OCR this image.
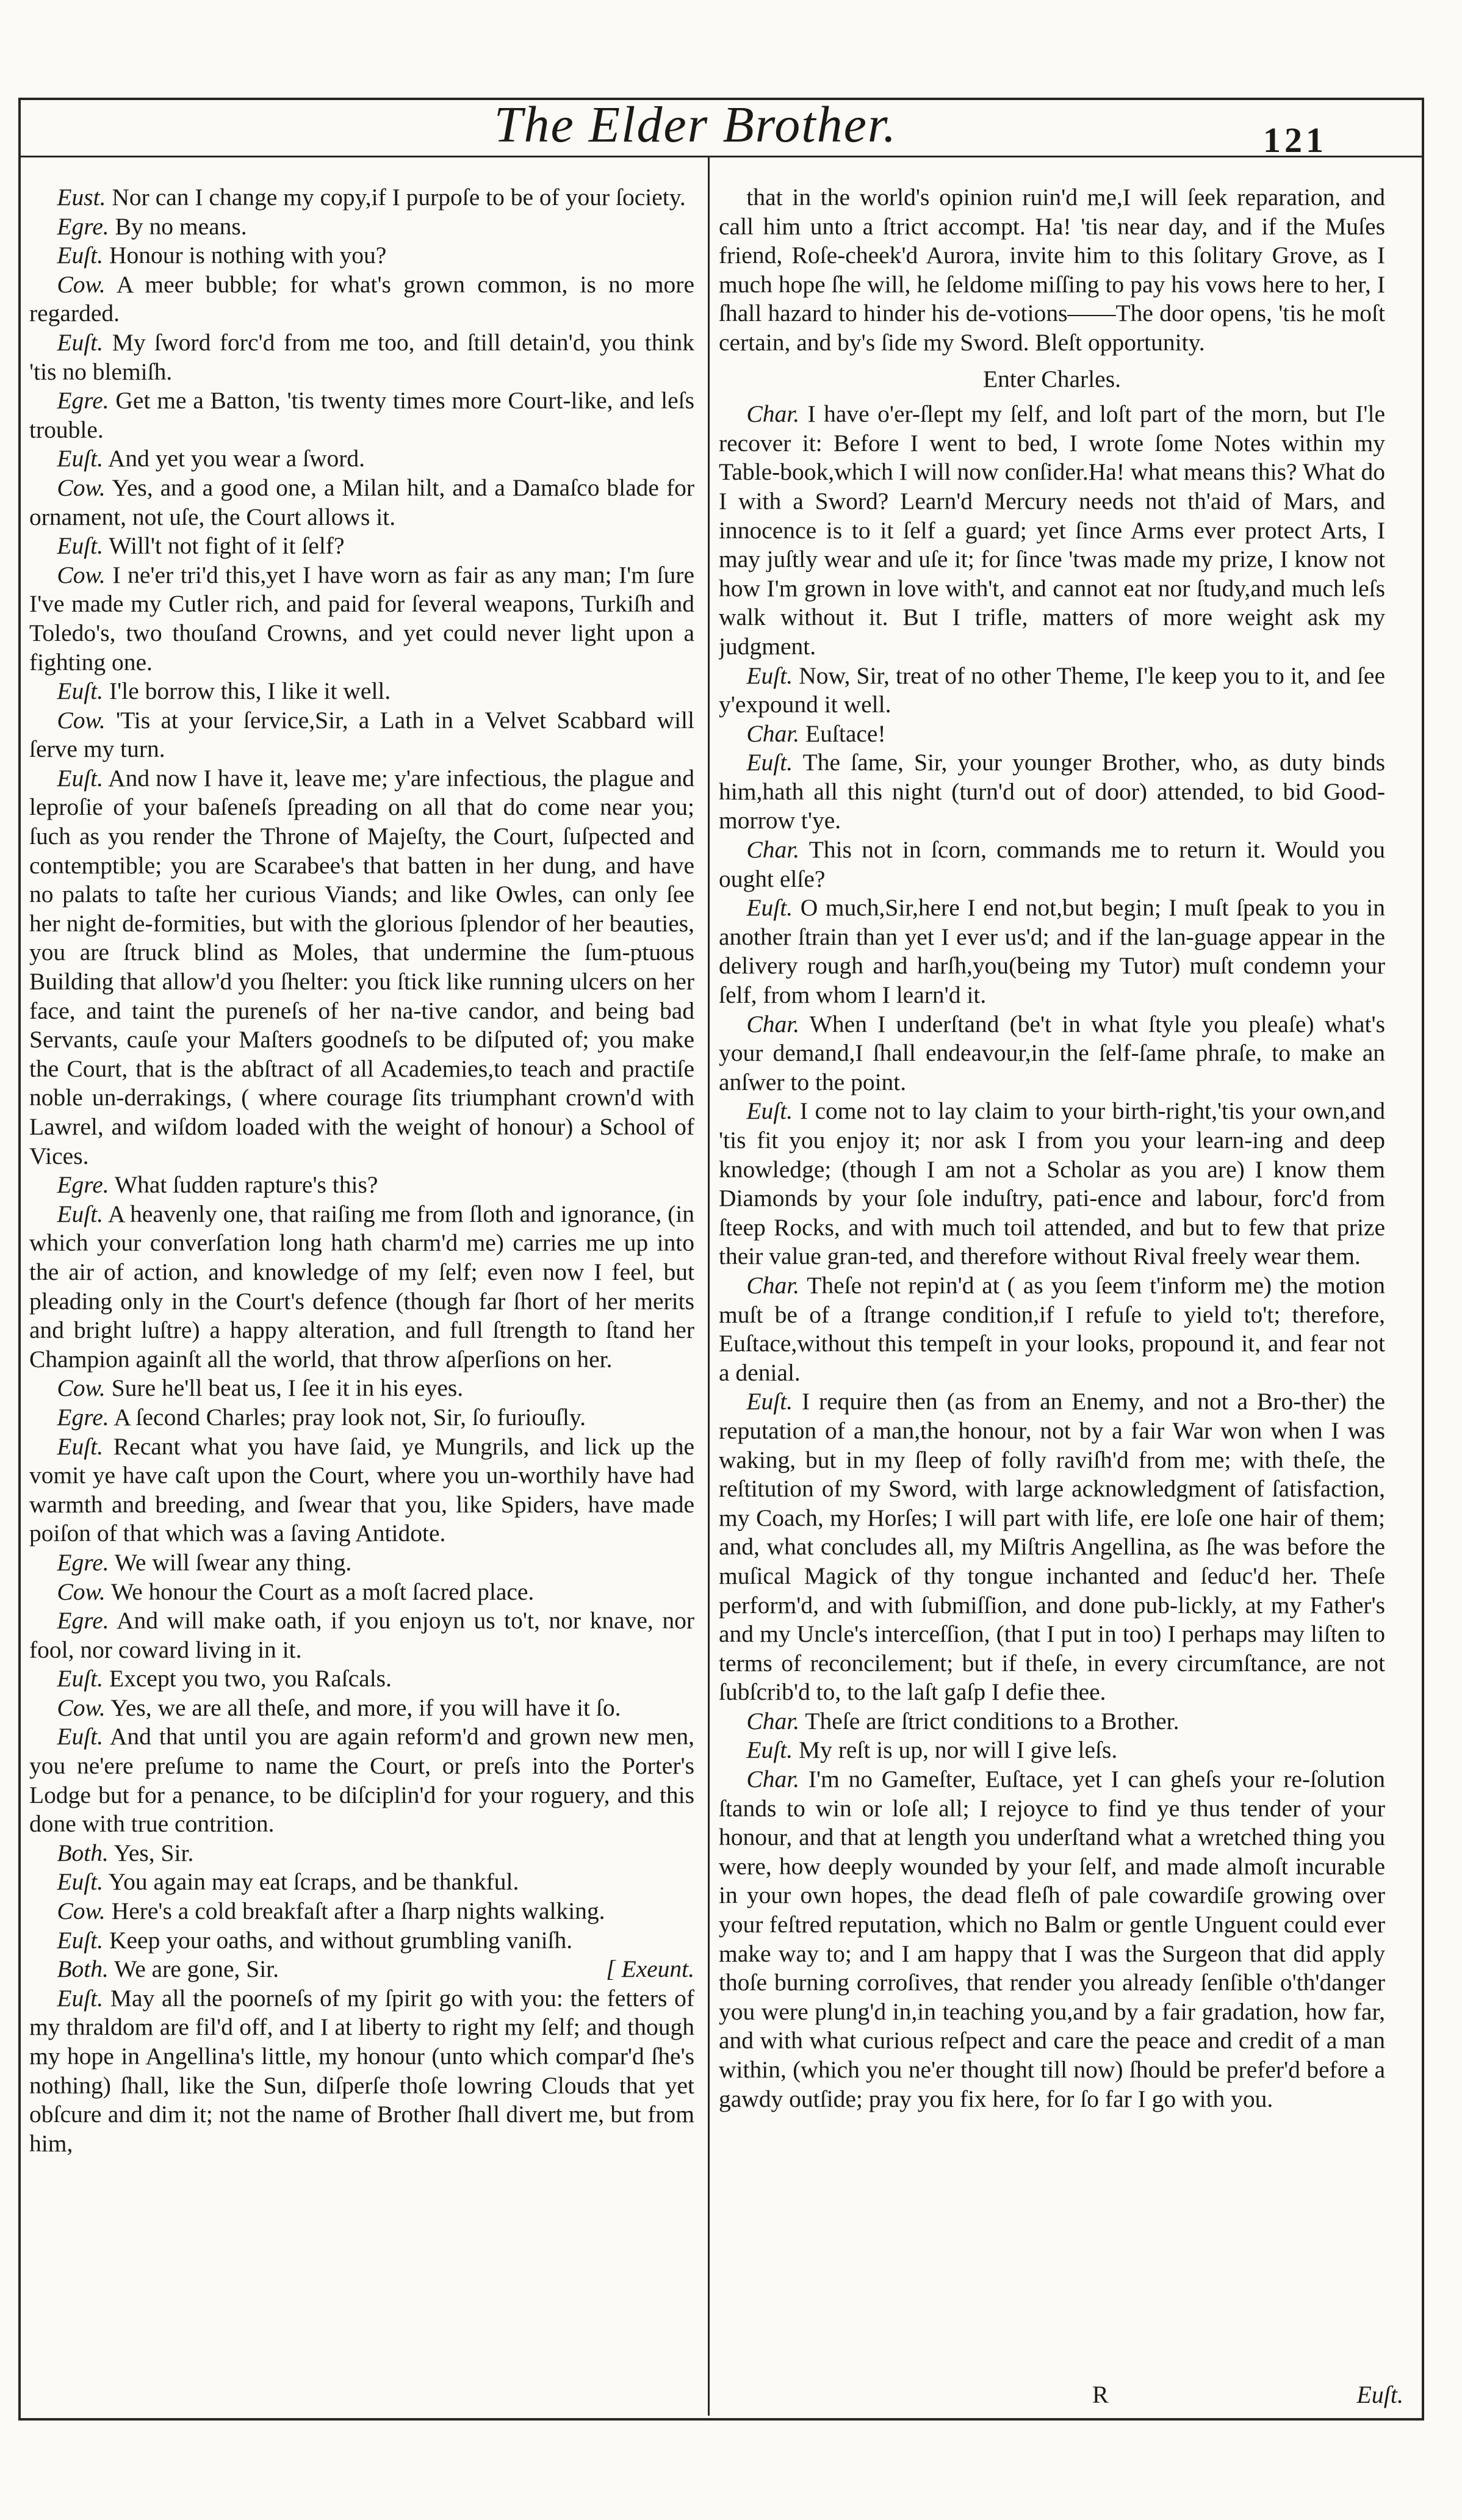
The Elder Brother.	121

Eust. Nor can I change my copy,if I purpoſe to be of your ſociety.

Egre. By no means.

Euſt. Honour is nothing with you?

Cow. A meer bubble; for what's grown common, is no more regarded.

Euſt. My ſword forc'd from me too, and ſtill detain'd, you think 'tis no blemiſh.

Egre. Get me a Batton, 'tis twenty times more Court-like, and leſs trouble.

Euſt. And yet you wear a ſword.

Cow. Yes, and a good one, a Milan hilt, and a Damaſco blade for ornament, not uſe, the Court allows it.

Euſt. Will't not fight of it ſelf?

Cow. I ne'er tri'd this,yet I have worn as fair as any man; I'm ſure I've made my Cutler rich, and paid for ſeveral weapons, Turkiſh and Toledo's, two thouſand Crowns, and yet could never light upon a fighting one.

Euſt. I'le borrow this, I like it well.

Cow. 'Tis at your ſervice,Sir, a Lath in a Velvet Scabbard will ſerve my turn.

Euſt. And now I have it, leave me; y'are infectious, the plague and leproſie of your baſeneſs ſpreading on all that do come near you; ſuch as you render the Throne of Majeſty, the Court, ſuſpected and contemptible; you are Scarabee's that batten in her dung, and have no palats to taſte her curious Viands; and like Owles, can only ſee her night de-formities, but with the glorious ſplendor of her beauties, you are ſtruck blind as Moles, that undermine the ſum-ptuous Building that allow'd you ſhelter: you ſtick like running ulcers on her face, and taint the pureneſs of her na-tive candor, and being bad Servants, cauſe your Maſters goodneſs to be diſputed of; you make the Court, that is the abſtract of all Academies,to teach and practiſe noble un-derrakings, ( where courage ſits triumphant crown'd with Lawrel, and wiſdom loaded with the weight of honour) a School of Vices.

Egre. What ſudden rapture's this?

Euſt. A heavenly one, that raiſing me from ſloth and ignorance, (in which your converſation long hath charm'd me) carries me up into the air of action, and knowledge of my ſelf; even now I feel, but pleading only in the Court's defence (though far ſhort of her merits and bright luſtre) a happy alteration, and full ſtrength to ſtand her Champion againſt all the world, that throw aſperſions on her.

Cow. Sure he'll beat us, I ſee it in his eyes.

Egre. A ſecond Charles; pray look not, Sir, ſo furiouſly.

Euſt. Recant what you have ſaid, ye Mungrils, and lick up the vomit ye have caſt upon the Court, where you un-worthily have had warmth and breeding, and ſwear that you, like Spiders, have made poiſon of that which was a ſaving Antidote.

Egre. We will ſwear any thing.

Cow. We honour the Court as a moſt ſacred place.

Egre. And will make oath, if you enjoyn us to't, nor knave, nor fool, nor coward living in it.

Euſt. Except you two, you Raſcals.

Cow. Yes, we are all theſe, and more, if you will have it ſo.

Euſt. And that until you are again reform'd and grown new men, you ne'ere preſume to name the Court, or preſs into the Porter's Lodge but for a penance, to be diſciplin'd for your roguery, and this done with true contrition.

Both. Yes, Sir.

Euſt. You again may eat ſcraps, and be thankful.

Cow. Here's a cold breakfaſt after a ſharp nights walking.

Euſt. Keep your oaths, and without grumbling vaniſh.

Both. We are gone, Sir.	[ Exeunt.

Euſt. May all the poorneſs of my ſpirit go with you: the fetters of my thraldom are fil'd off, and I at liberty to right my ſelf; and though my hope in Angellina's little, my honour (unto which compar'd ſhe's nothing) ſhall, like the Sun, diſperſe thoſe lowring Clouds that yet obſcure and dim it; not the name of Brother ſhall divert me, but from him,

that in the world's opinion ruin'd me,I will ſeek reparation, and call him unto a ſtrict accompt. Ha! 'tis near day, and if the Muſes friend, Roſe-cheek'd Aurora, invite him to this ſolitary Grove, as I much hope ſhe will, he ſeldome miſſing to pay his vows here to her, I ſhall hazard to hinder his de-votions——The door opens, 'tis he moſt certain, and by's ſide my Sword. Bleſt opportunity.

Enter Charles.

Char. I have o'er-ſlept my ſelf, and loſt part of the morn, but I'le recover it: Before I went to bed, I wrote ſome Notes within my Table-book,which I will now conſider.Ha! what means this? What do I with a Sword? Learn'd Mercury needs not th'aid of Mars, and innocence is to it ſelf a guard; yet ſince Arms ever protect Arts, I may juſtly wear and uſe it; for ſince 'twas made my prize, I know not how I'm grown in love with't, and cannot eat nor ſtudy,and much leſs walk without it. But I trifle, matters of more weight ask my judgment.

Euſt. Now, Sir, treat of no other Theme, I'le keep you to it, and ſee y'expound it well.

Char. Euſtace!

Euſt. The ſame, Sir, your younger Brother, who, as duty binds him,hath all this night (turn'd out of door) attended, to bid Good-morrow t'ye.

Char. This not in ſcorn, commands me to return it. Would you ought elſe?

Euſt. O much,Sir,here I end not,but begin; I muſt ſpeak to you in another ſtrain than yet I ever us'd; and if the lan-guage appear in the delivery rough and harſh,you(being my Tutor) muſt condemn your ſelf, from whom I learn'd it.

Char. When I underſtand (be't in what ſtyle you pleaſe) what's your demand,I ſhall endeavour,in the ſelf-ſame phraſe, to make an anſwer to the point.

Euſt. I come not to lay claim to your birth-right,'tis your own,and 'tis fit you enjoy it; nor ask I from you your learn-ing and deep knowledge; (though I am not a Scholar as you are) I know them Diamonds by your ſole induſtry, pati-ence and labour, forc'd from ſteep Rocks, and with much toil attended, and but to few that prize their value gran-ted, and therefore without Rival freely wear them.

Char. Theſe not repin'd at ( as you ſeem t'inform me) the motion muſt be of a ſtrange condition,if I refuſe to yield to't; therefore, Euſtace,without this tempeſt in your looks, propound it, and fear not a denial.

Euſt. I require then (as from an Enemy, and not a Bro-ther) the reputation of a man,the honour, not by a fair War won when I was waking, but in my ſleep of folly raviſh'd from me; with theſe, the reſtitution of my Sword, with large acknowledgment of ſatisfaction, my Coach, my Horſes; I will part with life, ere loſe one hair of them; and, what concludes all, my Miſtris Angellina, as ſhe was before the muſical Magick of thy tongue inchanted and ſeduc'd her. Theſe perform'd, and with ſubmiſſion, and done pub-lickly, at my Father's and my Uncle's interceſſion, (that I put in too) I perhaps may liſten to terms of reconcilement; but if theſe, in every circumſtance, are not ſubſcrib'd to, to the laſt gaſp I defie thee.

Char. Theſe are ſtrict conditions to a Brother.

Euſt. My reſt is up, nor will I give leſs.

Char. I'm no Gameſter, Euſtace, yet I can gheſs your re-ſolution ſtands to win or loſe all; I rejoyce to find ye thus tender of your honour, and that at length you underſtand what a wretched thing you were, how deeply wounded by your ſelf, and made almoſt incurable in your own hopes, the dead fleſh of pale cowardiſe growing over your feſtred reputation, which no Balm or gentle Unguent could ever make way to; and I am happy that I was the Surgeon that did apply thoſe burning corroſives, that render you already ſenſible o'th'danger you were plung'd in,in teaching you,and by a fair gradation, how far, and with what curious reſpect and care the peace and credit of a man within, (which you ne'er thought till now) ſhould be prefer'd before a gawdy outſide; pray you fix here, for ſo far I go with you.

R	Euſt.
